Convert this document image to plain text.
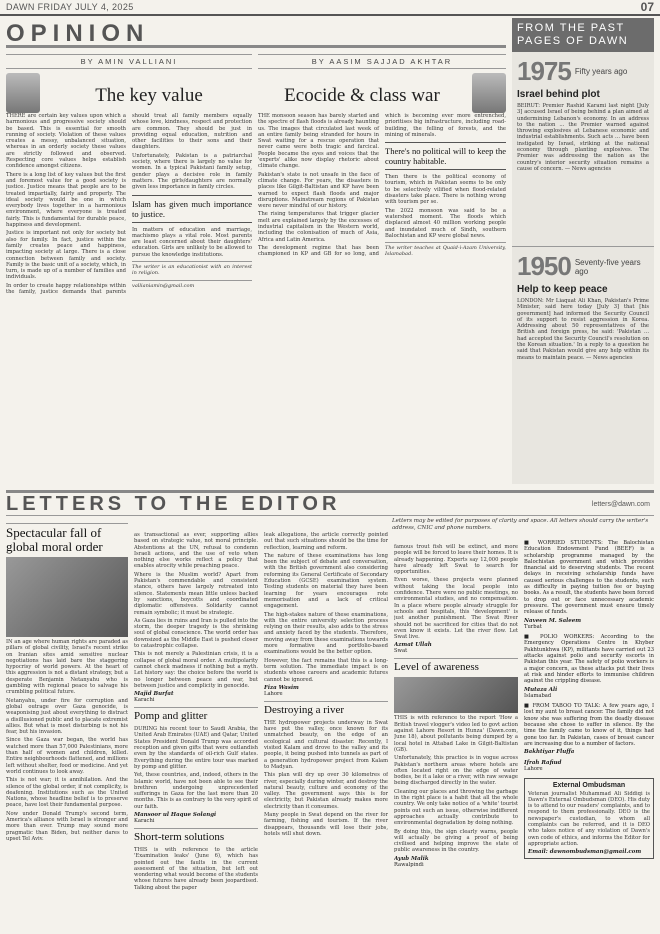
DAWN FRIDAY JULY 4, 2025	07
OPINION
BY AMIN VALLIANI
The key value

THERE are certain key values upon which a harmonious and progressive society should be based. This is essential for smooth running of society. Violation of these values creates a messy, unbalanced situation, whereas in an orderly society these values are strictly followed and observed. Respecting core values helps establish confidence amongst citizens.

There is a long list of key values but the first and foremost value for a good society is justice. Justice means that people are to be treated impartially, fairly and properly. The ideal society would be one in which everybody lives together in a harmonious environment, where everyone is treated fairly. This is fundamental for durable peace, happiness and development.

Justice is important not only for society but also for family. In fact, justice within the family creates peace and happiness, impacting society at large. There is a close connection between family and society. Family is the basic unit of a society, which, in turn, is made up of a number of families and individuals.

In order to create happy relationships within the family, justice demands that parents should treat all family members equally whose love, kindness, respect and protection are common. They should be just in providing equal education, nutrition and other facilities to their sons and their daughters.

Unfortunately, Pakistan is a patriarchal society, where there is largely no value for women. In a typical Pakistani family setup, gender plays a decisive role in family matters. The girls/daughters are normally given less importance in family circles.

Islam has given much importance to justice.

In matters of education and marriage, machismo plays a vital role. Most parents are least concerned about their daughters' education. Girls are unlikely to be allowed to pursue the knowledge institutions.

The writer is an educationist with an interest in religion.
vallianiamin@gmail.com
BY AASIM SAJJAD AKHTAR
Ecocide & class war

THE monsoon season has barely started and the spectre of flash floods is already haunting us. The images that circulated last week of an entire family being stranded for hours in Swat waiting for a rescue operation that never came were both tragic and farcical. People became the eyes and voices that the 'experts' alike now display rhetoric about climate change.

Pakistan's state is not unsafe in the face of climate change. For years, the disasters in places like Gilgit-Baltistan and KP have been warned to expect flash floods and major disruptions. Mainstream regions of Pakistan were never mindful of our history.

The rising temperatures that trigger glacier melt are explained largely by the excesses of industrial capitalism in the Western world, including the colonisation of much of Asia, Africa and Latin America.

The development regime that has been championed in KP and GB for so long, and which is becoming ever more entrenched, prioritises big infrastructure, including road-building, the felling of forests, and the mining of minerals.

There's no political will to keep the country habitable.

Then there is the political economy of tourism, which in Pakistan seems to be only to be selectively vilified when flood-related disasters take place. There is nothing wrong with tourism per se.

The 2022 monsoon was said to be a watershed moment. The floods which displaced almost 40 million working people and inundated much of Sindh, southern Balochistan and KP were global news.

The writer teaches at Quaid-i-Azam University, Islamabad.
FROM THE PAST PAGES OF DAWN
1975 Fifty years ago
Israel behind plot
BEIRUT: Premier Rashid Karami last night [July 3] accused Israel of being behind a plan aimed at undermining Lebanon's economy. In an address to the nation ... the Premier warned against throwing explosives at Lebanese economic and industrial establishments. Such acts ... have been instigated by Israel, striking at the national economy through planting explosives. The Premier was addressing the nation as the country's interior security situation remains a cause of concern. — News agencies
1950 Seventy-five years ago
Help to keep peace
LONDON: Mr Liaquat Ali Khan, Pakistan's Prime Minister, said here today [July 3] that [his government] had informed the Security Council of its support to resist aggression in Korea. Addressing about 50 representatives of the British and foreign press, he said: 'Pakistan ... had accepted the Security Council's resolution on the Korean situation.' In a reply to a question he said that Pakistan would give any help within its means to maintain peace. — News agencies
LETTERS TO THE EDITOR	letters@dawn.com
Letters may be edited for purposes of clarity and space. All letters should carry the writer's address, CNIC and phone numbers.
Spectacular fall of global moral order

IN an age where human rights are paraded as pillars of global civility, Israel's recent strike on Iranian sites amid sensitive nuclear negotiations has laid bare the staggering hypocrisy of world powers. At the heart of this aggression is not a distant strategy, but a desperate Benjamin Netanyahu who is gambling with regional peace to salvage his crumbling political future.

Netanyahu, under fire for corruption and global outrage over Gaza genocide, is weaponising just about everything to distract a disillusioned public and to placate extremist allies. But what is most disturbing is not his fear, but his invasion.

Since the Gaza war began, the world has watched more than 57,000 Palestinians, more than half of women and children, killed. Entire neighbourhoods flattened, and millions left without shelter, food or medicine. And yet world continues to look away.

This is not war; it is annihilation. And the silence of the global order, if not complicity, is deafening. Institutions such as the United Nations, whose headline belief is to preserve peace, have lost their fundamental purpose.

Now under Donald Trump's second term, America's alliance with Israel is stronger and more than ever. Trump may sound more pragmatic than Biden, but neither dares to upset Tel Aviv.

as transactional as ever, supporting allies based on strategic value, not moral principle. Abstentions at the UN, refusal to condemn Israeli actions, and the use of veto when nothing else works reflect a policy that enables atrocity while preaching peace.

Where is the Muslim world? Apart from Pakistan's commendable and consistent stance, others have largely retreated into silence. Statements mean little unless backed by sanctions, boycotts and coordinated diplomatic offensives. Solidarity cannot remain symbolic; it must be strategic.

As Gaza lies in ruins and Iran is pulled into the storm, the deeper tragedy is the shrinking soul of global conscience. The world order has downsized as the Middle East is pushed closer to catastrophic collapse.

This is not merely a Palestinian crisis, it is a collapse of global moral order. A multipolarity cannot check madness if nothing but a myth. Let history say: the choice before the world is no longer between peace and war, but between justice and complicity in genocide.

Majid Burfat
Karachi
Pomp and glitter

DURING his recent tour to Saudi Arabia, the United Arab Emirates (UAE) and Qatar, United States President Donald Trump was accorded reception and given gifts that were outlandish even by the standards of oil-rich Gulf states. Everything during the entire tour was marked by pomp and glitter.

Yet, these countries, and, indeed, others in the Islamic world, have not been able to see their brethren undergoing unprecedented sufferings in Gaza for the last more than 20 months. This is as contrary to the very spirit of our faith.

Mansoor ul Haque Solangi
Karachi
Short-term solutions

THIS is with reference to the article 'Examination leaks' (June 6), which has pointed out the faults in the current assessment of the situation, but left out wondering what would become of the students whose futures have already been jeopardised. Talking about the paper

leak allegations, the article correctly pointed out that such situations should be the time for reflection, learning and reform.

The nature of these examinations has long been the subject of debate and conversation, with the British government also considering reforming its General Certificate of Secondary Education (GCSE) examination system. Testing students on material they have been learning for years encourages rote memorisation and a lack of critical engagement.

The high-stakes nature of these examinations, with the entire university selection process relying on their results, also adds to the stress and anxiety faced by the students. Therefore, moving away from these examinations towards more formative and portfolio-based examinations would be the better option.

However, the fact remains that this is a long-term solution. The immediate impact is on students whose careers and academic futures cannot be ignored.

Fiza Wasim
Lahore
Destroying a river

THE hydropower projects underway in Swat have put the valley, once known for its unmatched beauty, on the edge of an ecological and cultural disaster. Recently, I visited Kalam and drove to the valley and its people, it being pushed into tunnels as part of a generation hydropower project from Kalam to Madyan.

This plan will dry up over 30 kilometres of river, especially during winter, and destroy the natural beauty, culture and economy of the valley. The government says this is for electricity, but Pakistan already makes more electricity than it consumes.

Many people in Swat depend on the river for farming, fishing and tourism. If the river disappears, thousands will lose their jobs, hotels will shut down.

famous trout fish will be extinct, and more people will be forced to leave their homes. It is already happening. Experts say 12,000 people have already left Swat to search for opportunities.

Even worse, these projects were planned without taking the local people into confidence. There were no public meetings, no environmental studies, and no compensation. In a place where people already struggle for schools and hospitals, this 'development' is just another punishment. The Swat River should not be sacrificed for cities that do not even know it exists. Let the river flow. Let Swat live.

Azmat Ullah
Swat
Level of awareness

THIS is with reference to the report 'How a British travel vlogger's video led to govt action against Lahore Resort in Hunza' (Dawn.com, June 18), about pollutants being dumped by a local hotel in Attabad Lake in Gilgit-Baltistan (GB).

Unfortunately, this practice is in vogue across Pakistan's northern areas where hotels are often located right on the edge of water bodies, be it a lake or a river, with raw sewage being discharged directly in the water.

Cleaning our places and throwing the garbage in the right place is a habit that all the whole country. We only take notice of a 'white' tourist points out such an issue, otherwise indifferent approaches actually contribute to environmental degradation by doing nothing.

By doing this, the sign clearly warns, people will actually be giving a proof of being civilised and helping improve the state of public awareness in the country.

Ayub Malik
Rawalpindi
■ WORRIED STUDENTS: The Balochistan Education Endowment Fund (BEEF) is a scholarship programme managed by the Balochistan government and which provides financial aid to deserving students. The recent delays in receiving scholarship funds have caused serious challenges to the students, such as difficulty in paying tuition fee or buying books. As a result, the students have been forced to drop out or face unnecessary academic pressure. The government must ensure timely release of funds.
Naveen M. Saleem
Turbat
■ POLIO WORKERS: According to the Emergency Operations Centre in Khyber Pakhtunkhwa (KP), militants have carried out 23 attacks against polio and security escorts in Pakistan this year. The safety of polio workers is a major concern, as these attacks put their lives at risk and hinder efforts to immunise children against the crippling disease.
Mutaza Ali
Islamabad
■ FROM TABOO TO TALK: A few years ago, I lost my aunt to breast cancer. The family did not know she was suffering from the deadly disease because she chose to suffer in silence. By the time the family came to know of it, things had gone too far. In Pakistan, cases of breast cancer are increasing due to a number of factors.
Bakhtiyar Fluffa
Ifrah Rafiud
Lahore
External Ombudsman
Veteran journalist Muhammad Ali Siddiqi is Dawn's External Ombudsman (DEO). His duty is to attend to our readers' complaints, and to respond to them professionally. DEO is the newspaper's custodian, to whom all complaints can be referred, and it is DEO who takes notice of any violation of Dawn's own code of ethics, and informs the Editor for appropriate action.
Email: dawnombudsman@gmail.com
